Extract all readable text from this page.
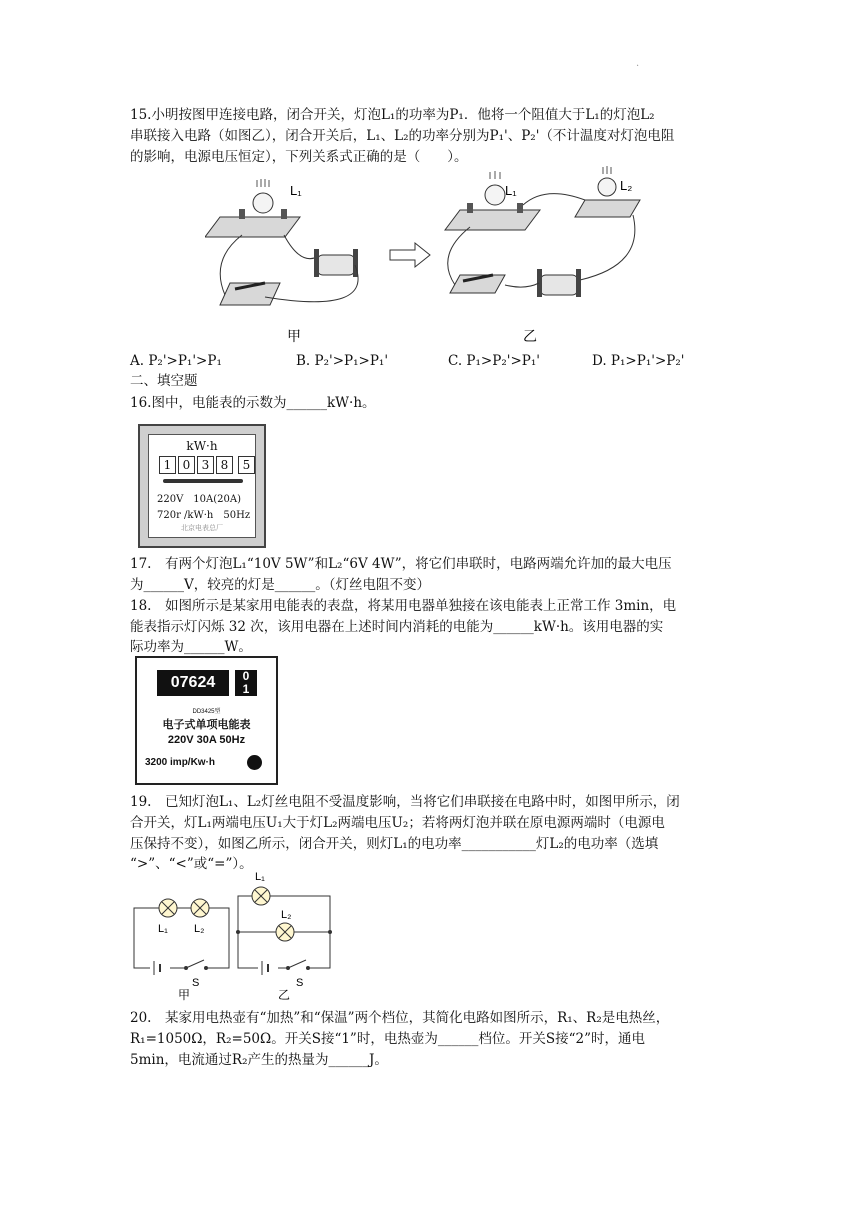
.
15.小明按图甲连接电路，闭合开关，灯泡L₁的功率为P₁．他将一个阻值大于L₁的灯泡L₂
串联接入电路（如图乙），闭合开关后，L₁、L₂的功率分别为P₁'、P₂'（不计温度对灯泡电阻
的影响，电源电压恒定），下列关系式正确的是（　　）。
L₁	L₁	L₂
甲	乙
A. P₂'>P₁'>P₁	B. P₂'>P₁>P₁'	C. P₁>P₂'>P₁'	D. P₁>P₁'>P₂'
二、填空题
16.图中，电能表的示数为______kW·h。
kW·h
1 0 3 8	5
220V　10A(20A)
720r /kW·h　50Hz
北京电表总厂
17.　有两个灯泡L₁“10V 5W”和L₂“6V 4W”，将它们串联时，电路两端允许加的最大电压
为______V，较亮的灯是______。（灯丝电阻不变）
18.　如图所示是某家用电能表的表盘，将某用电器单独接在该电能表上正常工作 3min，电
能表指示灯闪烁 32 次，该用电器在上述时间内消耗的电能为______kW·h。该用电器的实
际功率为______W。
07624	0
1
DD3425型
电子式单项电能表
220V 30A 50Hz
3200 imp/Kw·h
19.　已知灯泡L₁、L₂灯丝电阻不受温度影响，当将它们串联接在电路中时，如图甲所示，闭
合开关，灯L₁两端电压U₁大于灯L₂两端电压U₂；若将两灯泡并联在原电源两端时（电源电
压保持不变），如图乙所示，闭合开关，则灯L₁的电功率___________灯L₂的电功率（选填
“>”、“<”或“=”）。
L₁ L₂
S
甲
L₁
L₂
S
乙
20.　某家用电热壶有“加热”和“保温”两个档位，其简化电路如图所示，R₁、R₂是电热丝，
R₁=1050Ω，R₂=50Ω。开关S接“1”时，电热壶为______档位。开关S接“2”时，通电
5min，电流通过R₂产生的热量为______J。
